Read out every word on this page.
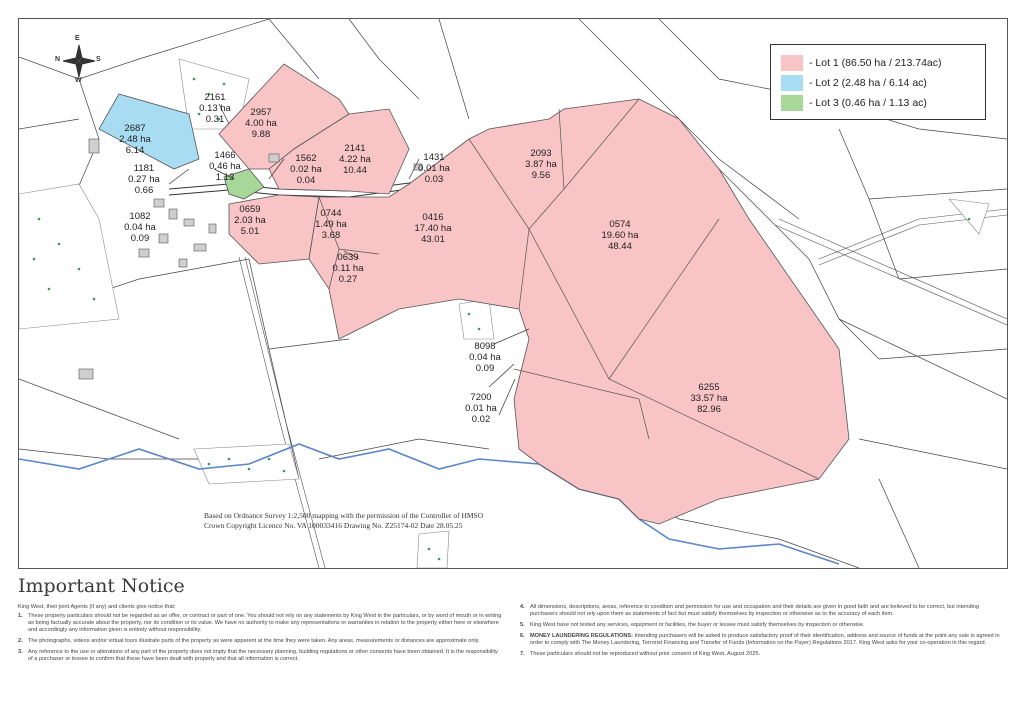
E
S
W
N
2957
4.00 ha
9.88
2161
0.13 ha
0.31
2687
2.48 ha
6.14	2141
4.22 ha
10.44
1562
0.02 ha
0.04
1466
0.46 ha
1.13
1181
0.27 ha
0.66
1431
0.01 ha
0.03
2093
3.87 ha
9.56
0659
2.03 ha
5.01
0744
1.49 ha
3.68
1082
0.04 ha
0.09
0416
17.40 ha
43.01
0574
19.60 ha
48.44
0639
0.11 ha
0.27
8098
0.04 ha
0.09
6255
33.57 ha
82.96
7200
0.01 ha
0.02
- Lot 1 (86.50 ha / 213.74ac)
- Lot 2 (2.48 ha / 6.14 ac)
- Lot 3 (0.46 ha / 1.13 ac)
Based on Ordnance Survey 1:2,500 mapping with the permission of the Controller of HMSO
Crown Copyright Licence No. VA 100033416 Drawing No. Z25174-02 Date 28.05.25
Important Notice
King West, their joint Agents (if any) and clients give notice that:
1. These property particulars should not be regarded as an offer, or contract or part of one. You should not rely on any statements by King West in the particulars, or by word of mouth or in writing as being factually accurate about the property, nor its condition or its value. We have no authority to make any representations or warranties in relation to the property either here or elsewhere and accordingly any information given is entirely without responsibility.
2. The photographs, videos and/or virtual tours illustrate parts of the property as were apparent at the time they were taken. Any areas, measurements or distances are approximate only.
3. Any reference to the use or alterations of any part of the property does not imply that the necessary planning, building regulations or other consents have been obtained. It is the responsibility of a purchaser or lessee to confirm that these have been dealt with properly and that all information is correct.
4. All dimensions, descriptions, areas, reference to condition and permission for use and occupation and their details are given in good faith and are believed to be correct, but intending purchasers should not rely upon them as statements of fact but must satisfy themselves by inspection or otherwise as to the accuracy of each item.
5. King West have not tested any services, equipment or facilities, the buyer or lessee must satisfy themselves by inspection or otherwise.
6. MONEY LAUNDERING REGULATIONS: Intending purchasers will be asked to produce satisfactory proof of their identification, address and source of funds at the point any sale is agreed in order to comply with The Money Laundering, Terrorist Financing and Transfer of Funds (Information on the Payer) Regulations 2017. King West asks for your co-operation in this regard.
7. These particulars should not be reproduced without prior consent of King West, August 2025.
